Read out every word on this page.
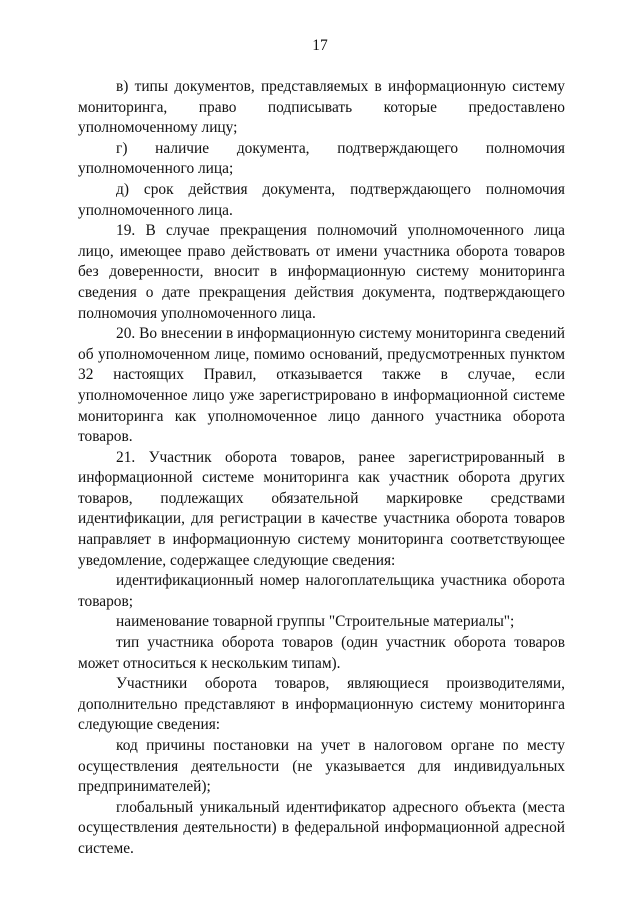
17

в) типы документов, представляемых в информационную систему мониторинга, право подписывать которые предоставлено уполномоченному лицу;

г) наличие документа, подтверждающего полномочия уполномоченного лица;

д) срок действия документа, подтверждающего полномочия уполномоченного лица.

19. В случае прекращения полномочий уполномоченного лица лицо, имеющее право действовать от имени участника оборота товаров без доверенности, вносит в информационную систему мониторинга сведения о дате прекращения действия документа, подтверждающего полномочия уполномоченного лица.

20. Во внесении в информационную систему мониторинга сведений об уполномоченном лице, помимо оснований, предусмотренных пунктом 32 настоящих Правил, отказывается также в случае, если уполномоченное лицо уже зарегистрировано в информационной системе мониторинга как уполномоченное лицо данного участника оборота товаров.

21. Участник оборота товаров, ранее зарегистрированный в информационной системе мониторинга как участник оборота других товаров, подлежащих обязательной маркировке средствами идентификации, для регистрации в качестве участника оборота товаров направляет в информационную систему мониторинга соответствующее уведомление, содержащее следующие сведения:

идентификационный номер налогоплательщика участника оборота товаров;

наименование товарной группы "Строительные материалы";

тип участника оборота товаров (один участник оборота товаров может относиться к нескольким типам).

Участники оборота товаров, являющиеся производителями, дополнительно представляют в информационную систему мониторинга следующие сведения:

код причины постановки на учет в налоговом органе по месту осуществления деятельности (не указывается для индивидуальных предпринимателей);

глобальный уникальный идентификатор адресного объекта (места осуществления деятельности) в федеральной информационной адресной системе.
